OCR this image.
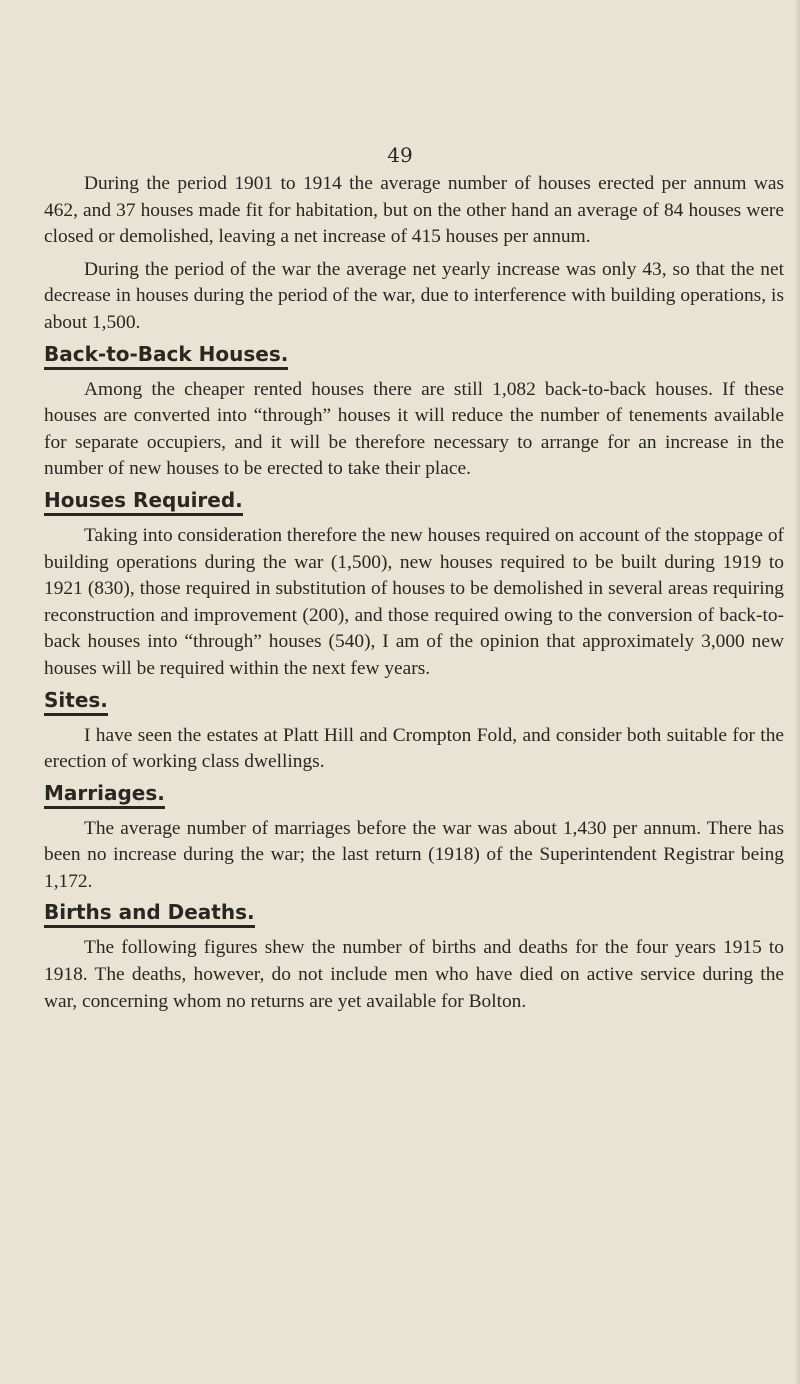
49

During the period 1901 to 1914 the average number of houses erected per annum was 462, and 37 houses made fit for habitation, but on the other hand an average of 84 houses were closed or demolished, leaving a net increase of 415 houses per annum.

During the period of the war the average net yearly increase was only 43, so that the net decrease in houses during the period of the war, due to interference with building operations, is about 1,500.

Back-to-Back Houses.

Among the cheaper rented houses there are still 1,082 back-to-back houses. If these houses are converted into “through” houses it will reduce the number of tenements available for separate occupiers, and it will be therefore necessary to arrange for an increase in the number of new houses to be erected to take their place.

Houses Required.

Taking into consideration therefore the new houses required on account of the stoppage of building operations during the war (1,500), new houses required to be built during 1919 to 1921 (830), those required in substitution of houses to be demolished in several areas requiring reconstruction and improvement (200), and those required owing to the conversion of back-to-back houses into “through” houses (540), I am of the opinion that approximately 3,000 new houses will be required within the next few years.

Sites.

I have seen the estates at Platt Hill and Crompton Fold, and consider both suitable for the erection of working class dwellings.

Marriages.

The average number of marriages before the war was about 1,430 per annum. There has been no increase during the war; the last return (1918) of the Superintendent Registrar being 1,172.

Births and Deaths.

The following figures shew the number of births and deaths for the four years 1915 to 1918. The deaths, however, do not include men who have died on active service during the war, concerning whom no returns are yet available for Bolton.
